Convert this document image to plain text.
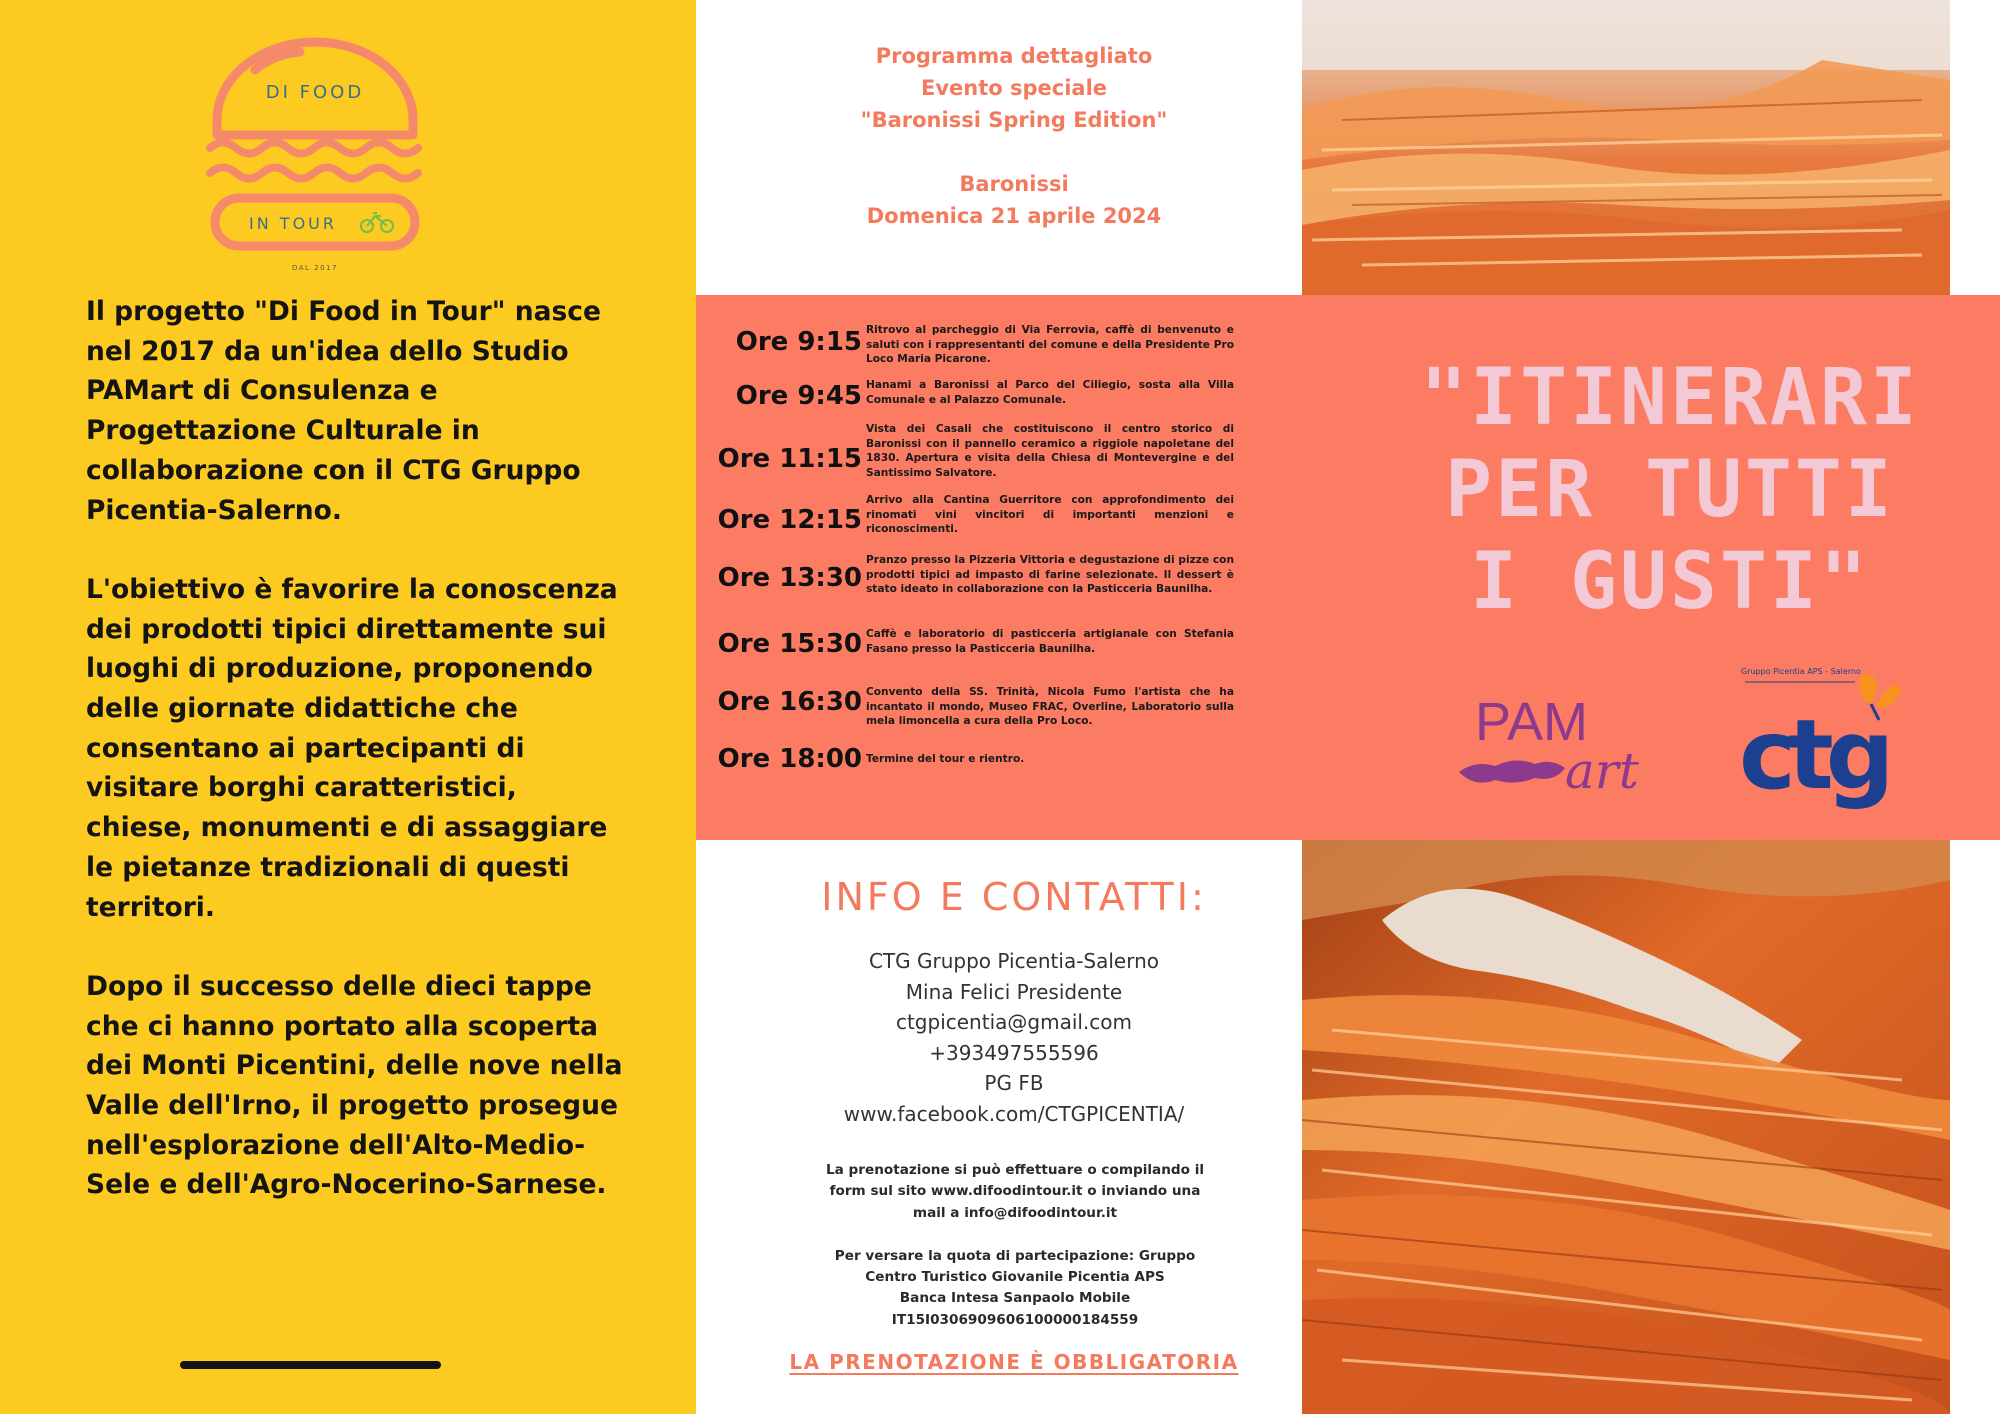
DI FOOD
IN TOUR
DAL 2017

Il progetto "Di Food in Tour" nasce nel 2017 da un'idea dello Studio PAMart di Consulenza e Progettazione Culturale in collaborazione con il CTG Gruppo Picentia-Salerno.

L'obiettivo è favorire la conoscenza dei prodotti tipici direttamente sui luoghi di produzione, proponendo delle giornate didattiche che consentano ai partecipanti di visitare borghi caratteristici, chiese, monumenti e di assaggiare le pietanze tradizionali di questi territori.

Dopo il successo delle dieci tappe che ci hanno portato alla scoperta dei Monti Picentini, delle nove nella Valle dell'Irno, il progetto prosegue nell'esplorazione dell'Alto-Medio-Sele e dell'Agro-Nocerino-Sarnese.

Programma dettagliato
Evento speciale
"Baronissi Spring Edition"
Baronissi
Domenica 21 aprile 2024
Ore 9:15 Ritrovo al parcheggio di Via Ferrovia, caffè di benvenuto e saluti con i rappresentanti del comune e della Presidente Pro Loco Maria Picarone.
Ore 9:45 Hanami a Baronissi al Parco del Ciliegio, sosta alla Villa Comunale e al Palazzo Comunale.
Ore 11:15
Vista dei Casali che costituiscono il centro storico di Baronissi con il pannello ceramico a riggiole napoletane del 1830. Apertura e visita della Chiesa di Montevergine e del Santissimo Salvatore.
Ore 12:15
Arrivo alla Cantina Guerritore con approfondimento dei rinomati vini vincitori di importanti menzioni e riconoscimenti.
Ore 13:30
Pranzo presso la Pizzeria Vittoria e degustazione di pizze con prodotti tipici ad impasto di farine selezionate. Il dessert è stato ideato in collaborazione con la Pasticceria Baunilha.
Ore 15:30 Caffè e laboratorio di pasticceria artigianale con Stefania Fasano presso la Pasticceria Baunilha.
Ore 16:30 Convento della SS. Trinità, Nicola Fumo l'artista che ha incantato il mondo, Museo FRAC, Overline, Laboratorio sulla mela limoncella a cura della Pro Loco.
Ore 18:00 Termine del tour e rientro.
"ITINERARI
PER TUTTI
I GUSTI"
PAM
art
Gruppo Picentia APS - Salerno
ctg
INFO E CONTATTI:
CTG Gruppo Picentia-Salerno
Mina Felici Presidente
ctgpicentia@gmail.com
+393497555596
PG FB
www.facebook.com/CTGPICENTIA/
La prenotazione si può effettuare o compilando il
form sul sito www.difoodintour.it o inviando una
mail a info@difoodintour.it
Per versare la quota di partecipazione: Gruppo
Centro Turistico Giovanile Picentia APS
Banca Intesa Sanpaolo Mobile
IT15I0306909606100000184559
LA PRENOTAZIONE È OBBLIGATORIA
